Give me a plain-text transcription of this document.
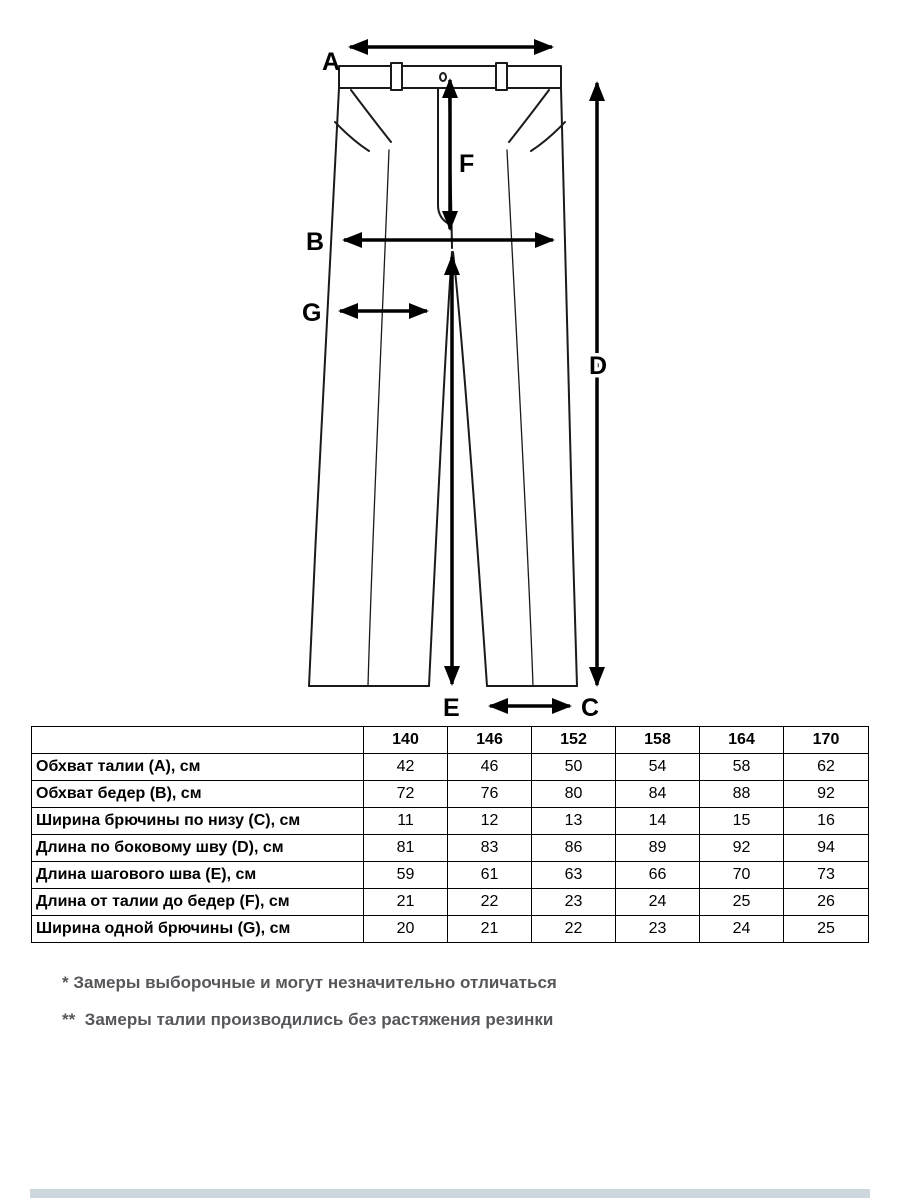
A
F
B
G
D
E	C
	140	146	152	158	164	170
Обхват талии (A), см	42	46	50	54	58	62
Обхват бедер (B), см	72	76	80	84	88	92
Ширина брючины по низу (C), см	11	12	13	14	15	16
Длина по боковому шву (D), см	81	83	86	89	92	94
Длина шагового шва (E), см	59	61	63	66	70	73
Длина от талии до бедер (F), см	21	22	23	24	25	26
Ширина одной брючины (G), см	20	21	22	23	24	25
* Замеры выборочные и могут незначительно отличаться
**  Замеры талии производились без растяжения резинки
